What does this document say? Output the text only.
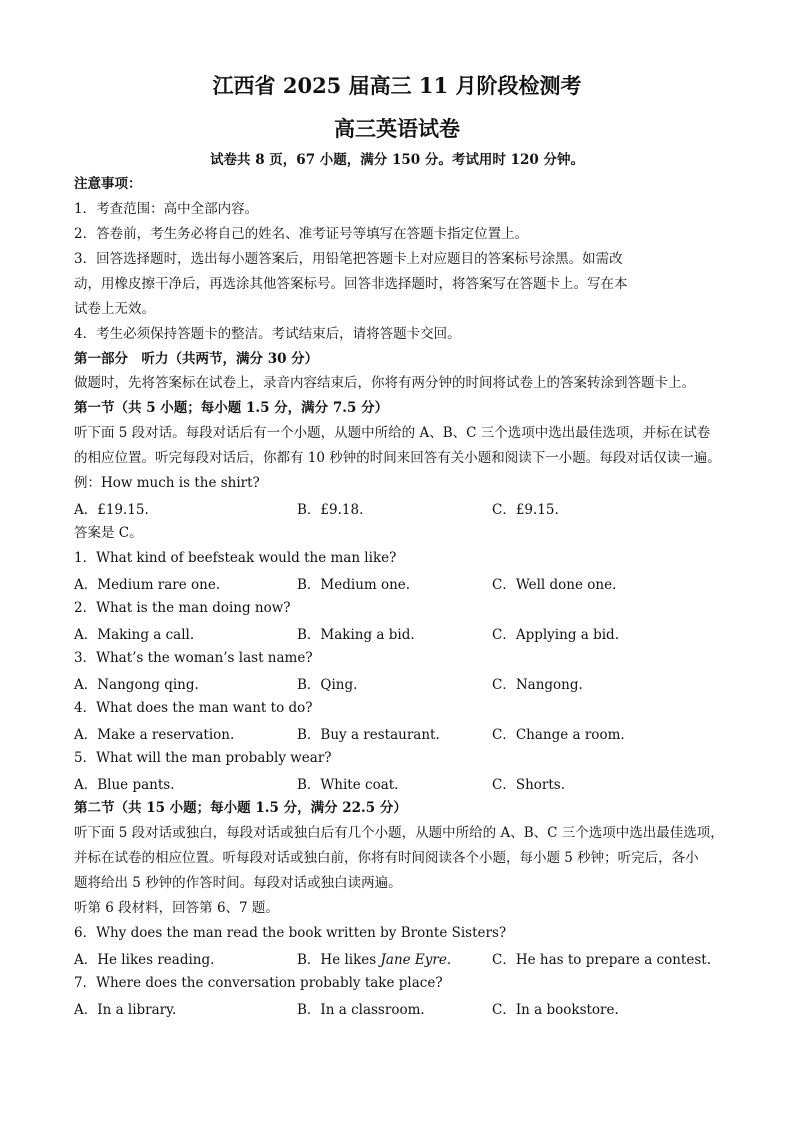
江西省 2025 届高三 11 月阶段检测考
高三英语试卷
试卷共 8 页，67 小题，满分 150 分。考试用时 120 分钟。
注意事项：
1．考查范围：高中全部内容。
2．答卷前，考生务必将自己的姓名、准考证号等填写在答题卡指定位置上。
3．回答选择题时，选出每小题答案后，用铅笔把答题卡上对应题目的答案标号涂黑。如需改
动，用橡皮擦干净后，再选涂其他答案标号。回答非选择题时，将答案写在答题卡上。写在本
试卷上无效。
4．考生必须保持答题卡的整洁。考试结束后，请将答题卡交回。
第一部分　听力（共两节，满分 30 分）
做题时，先将答案标在试卷上，录音内容结束后，你将有两分钟的时间将试卷上的答案转涂到答题卡上。
第一节（共 5 小题；每小题 1.5 分，满分 7.5 分）
听下面 5 段对话。每段对话后有一个小题，从题中所给的 A、B、C 三个选项中选出最佳选项，并标在试卷
的相应位置。听完每段对话后，你都有 10 秒钟的时间来回答有关小题和阅读下一小题。每段对话仅读一遍。
例：How much is the shirt?
A．£19.15.	B．£9.18.	C．£9.15.
答案是 C。
1．What kind of beefsteak would the man like?
A．Medium rare one.	B．Medium one.	C．Well done one.
2．What is the man doing now?
A．Making a call.	B．Making a bid.	C．Applying a bid.
3．What’s the woman’s last name?
A．Nangong qing.	B．Qing.	C．Nangong.
4．What does the man want to do?
A．Make a reservation.	B．Buy a restaurant.	C．Change a room.
5．What will the man probably wear?
A．Blue pants.	B．White coat.	C．Shorts.
第二节（共 15 小题；每小题 1.5 分，满分 22.5 分）
听下面 5 段对话或独白，每段对话或独白后有几个小题，从题中所给的 A、B、C 三个选项中选出最佳选项，
并标在试卷的相应位置。听每段对话或独白前，你将有时间阅读各个小题，每小题 5 秒钟；听完后，各小
题将给出 5 秒钟的作答时间。每段对话或独白读两遍。
听第 6 段材料，回答第 6、7 题。
6．Why does the man read the book written by Bronte Sisters?
A．He likes reading.	B．He likes Jane Eyre.	C．He has to prepare a contest.
7．Where does the conversation probably take place?
A．In a library.	B．In a classroom.	C．In a bookstore.
